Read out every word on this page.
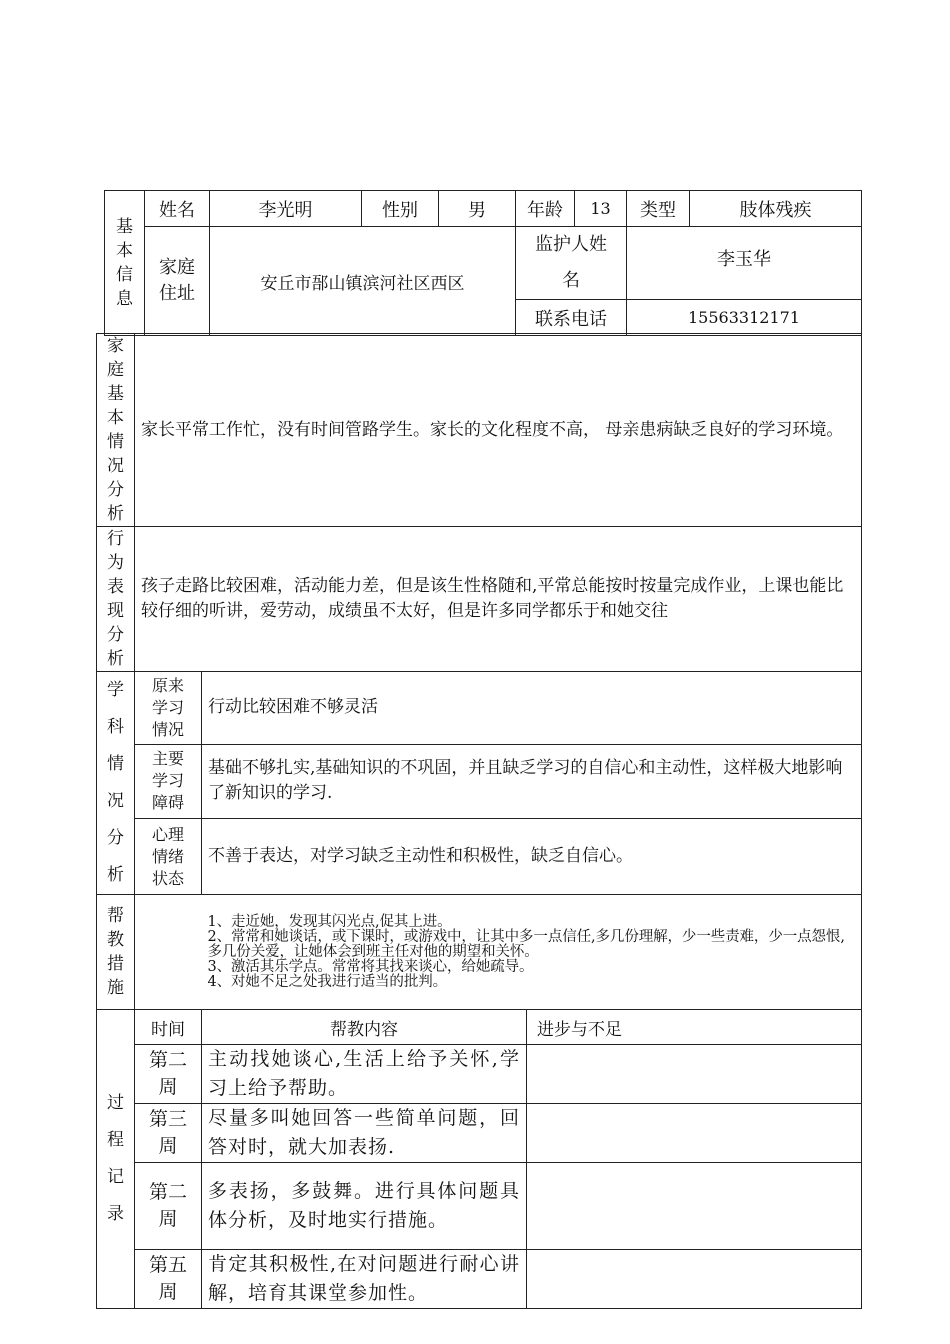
基本信息	姓名	李光明	性别	男	年龄	13	类型	肢体残疾
	家庭住址	安丘市郚山镇滨河社区西区			监护人姓名		李玉华	
					联系电话		15563312171	
家庭基本情况分析	家长平常工作忙，没有时间管路学生。家长的文化程度不高， 母亲患病缺乏良好的学习环境。		
行为表现分析	孩子走路比较困难，活动能力差，但是该生性格随和,平常总能按时按量完成作业，上课也能比较仔细的听讲，爱劳动，成绩虽不太好，但是许多同学都乐于和她交往		
学科情况分析	原来学习情况	行动比较困难不够灵活	
	主要学习障碍	基础不够扎实,基础知识的不巩固，并且缺乏学习的自信心和主动性，这样极大地影响了新知识的学习.	
	心理情绪状态	不善于表达，对学习缺乏主动性和积极性，缺乏自信心。	
帮教措施		1、走近她，发现其闪光点,促其上进。
2、常常和她谈话，或下课时，或游戏中，让其中多一点信任,多几份理解，少一些责难，少一点怨恨,多几份关爱，让她体会到班主任对他的期望和关怀。
3、激活其乐学点。常常将其找来谈心，给她疏导。
4、对她不足之处我进行适当的批判。	

过程记录	时间	帮教内容	进步与不足
	第二周	主动找她谈心,生活上给予关怀,学习上给予帮助。	
	第三周	尽量多叫她回答一些简单问题，回答对时，就大加表扬.	
	第二周	多表扬，多鼓舞。进行具体问题具体分析，及时地实行措施。	
	第五周	肯定其积极性,在对问题进行耐心讲解，培育其课堂参加性。	
